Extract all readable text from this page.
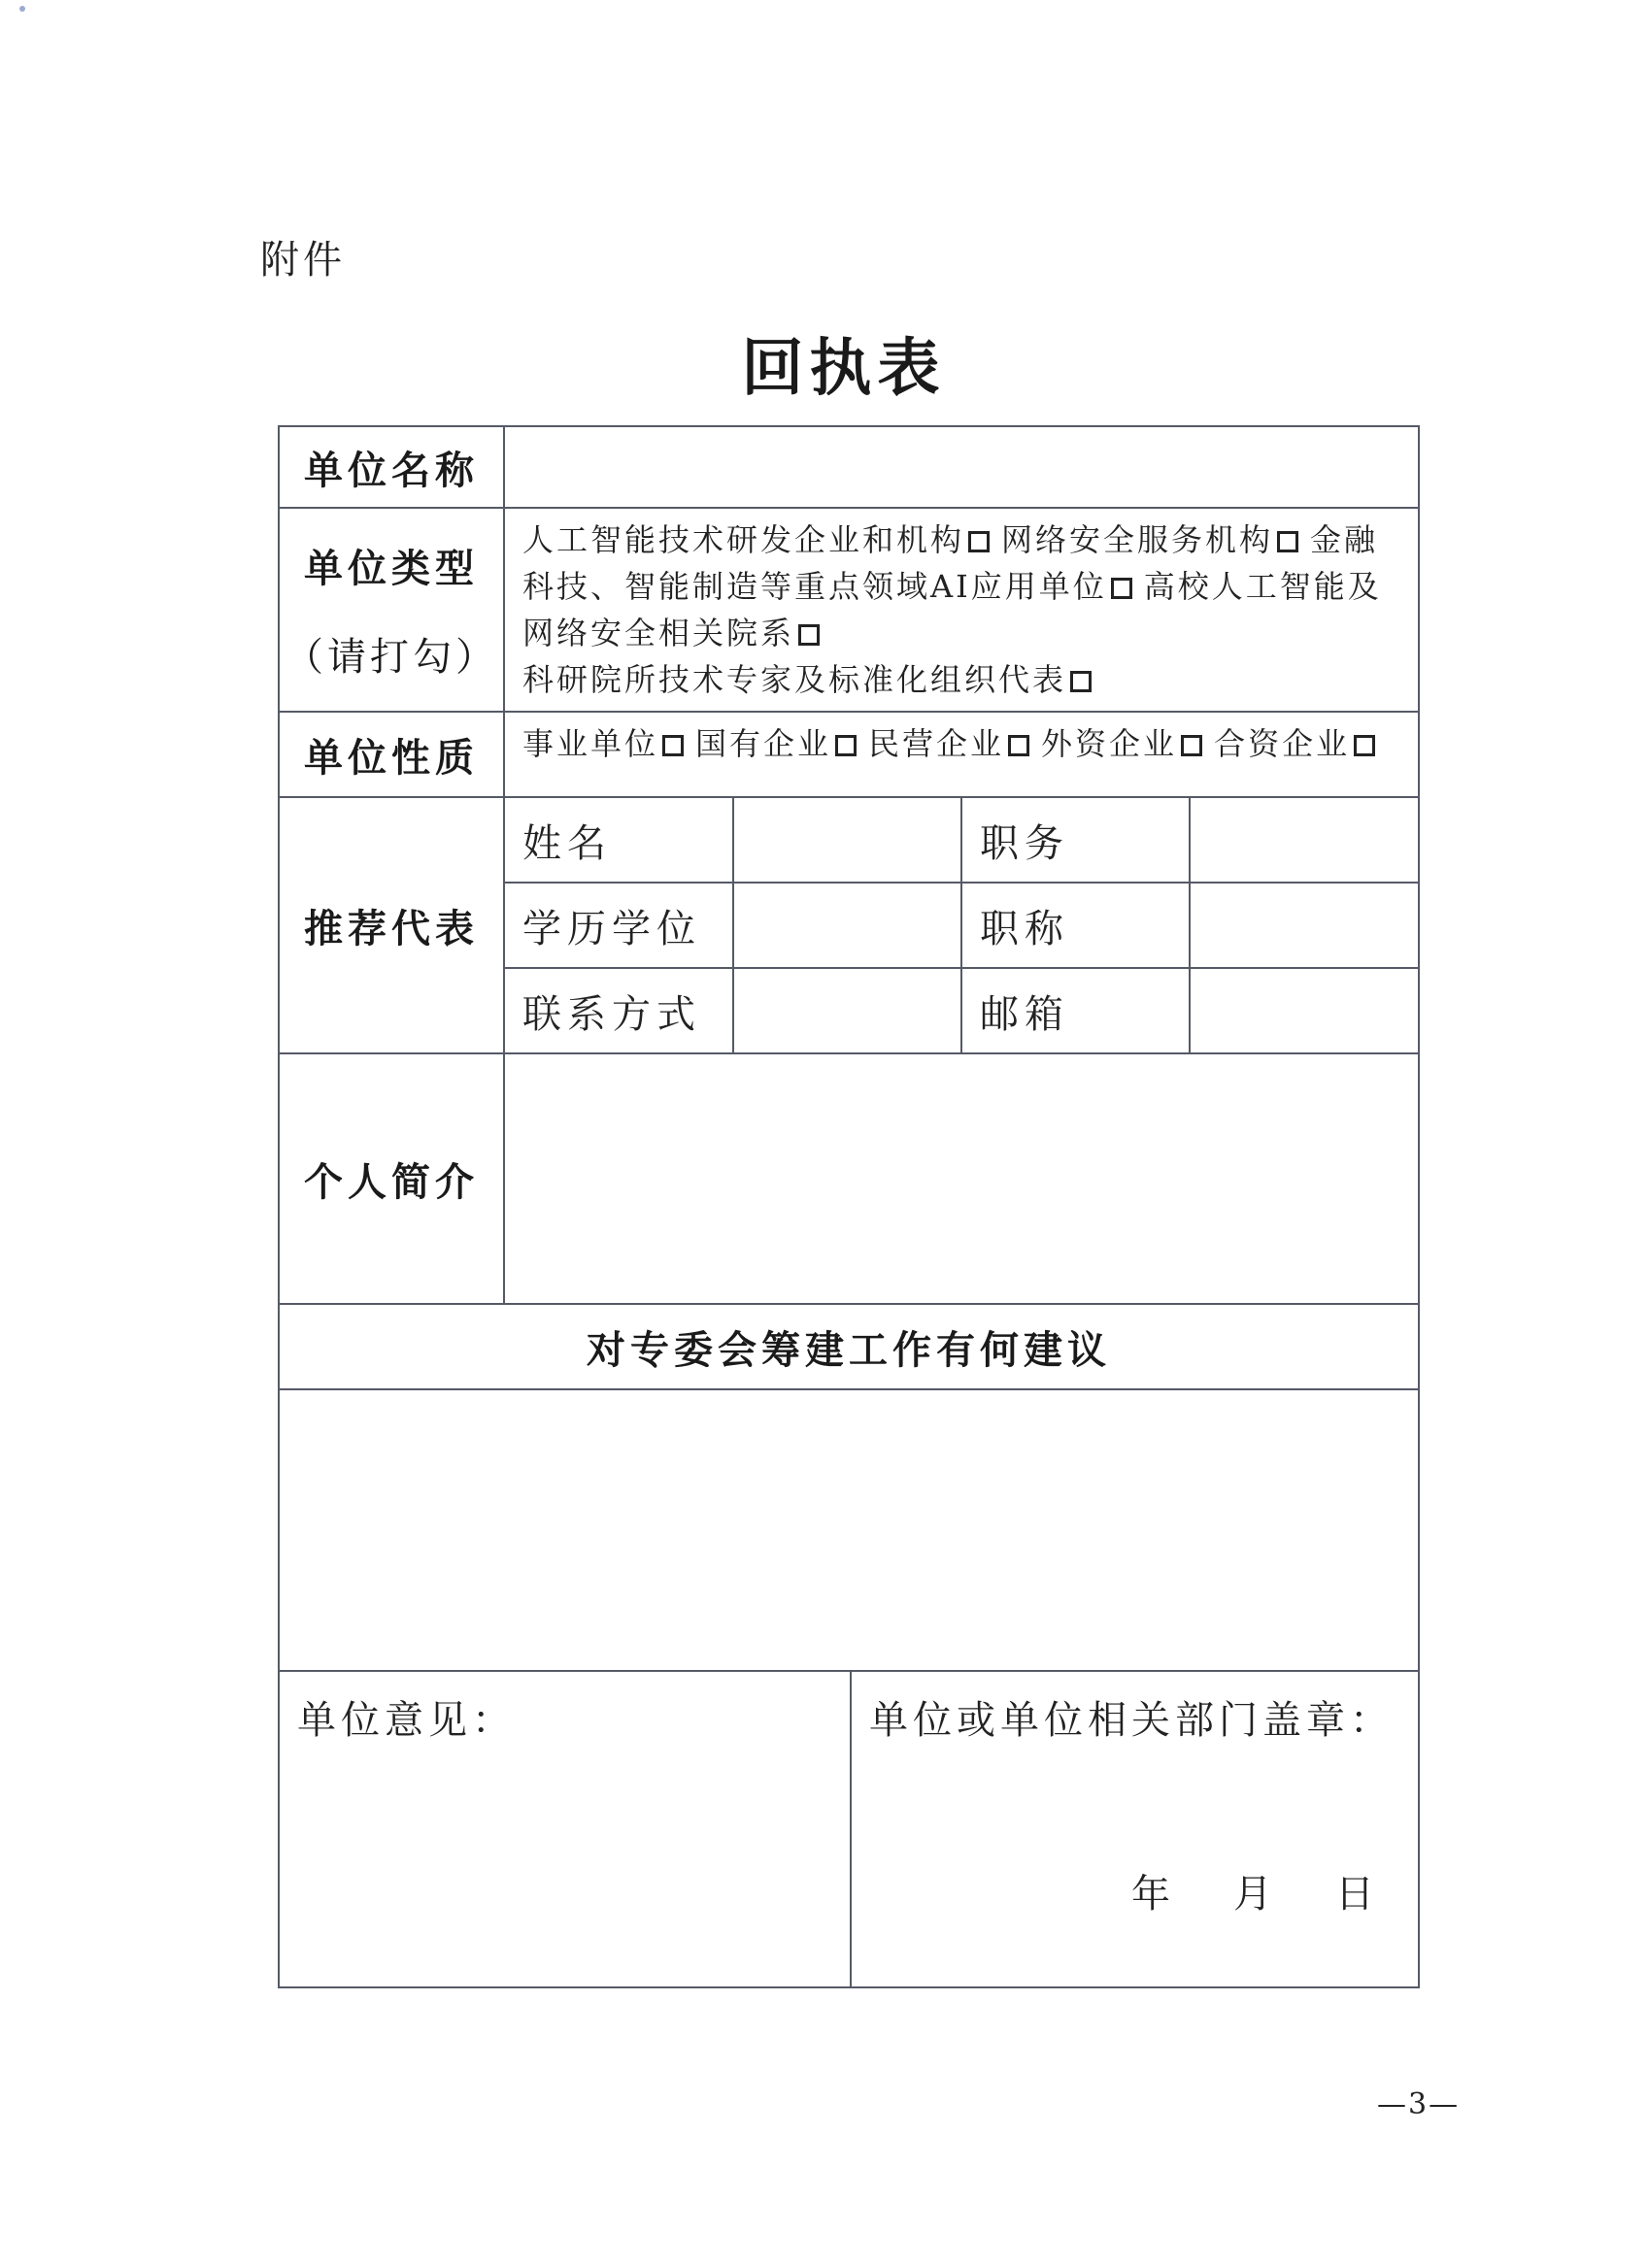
附件
回执表
单位名称	
单位类型
（请打勾）
	人工智能技术研发企业和机构 网络安全服务机构 金融科技、智能制造等重点领域AI应用单位 高校人工智能及网络安全相关院系科研院所技术专家及标准化组织代表
单位性质	事业单位 国有企业 民营企业 外资企业 合资企业
推荐代表	
姓名		职务	
学历学位		职称	
联系方式		邮箱	

个人简介	
对专委会筹建工作有何建议

单位意见：	单位或单位相关部门盖章：
年 月 日
—3—
